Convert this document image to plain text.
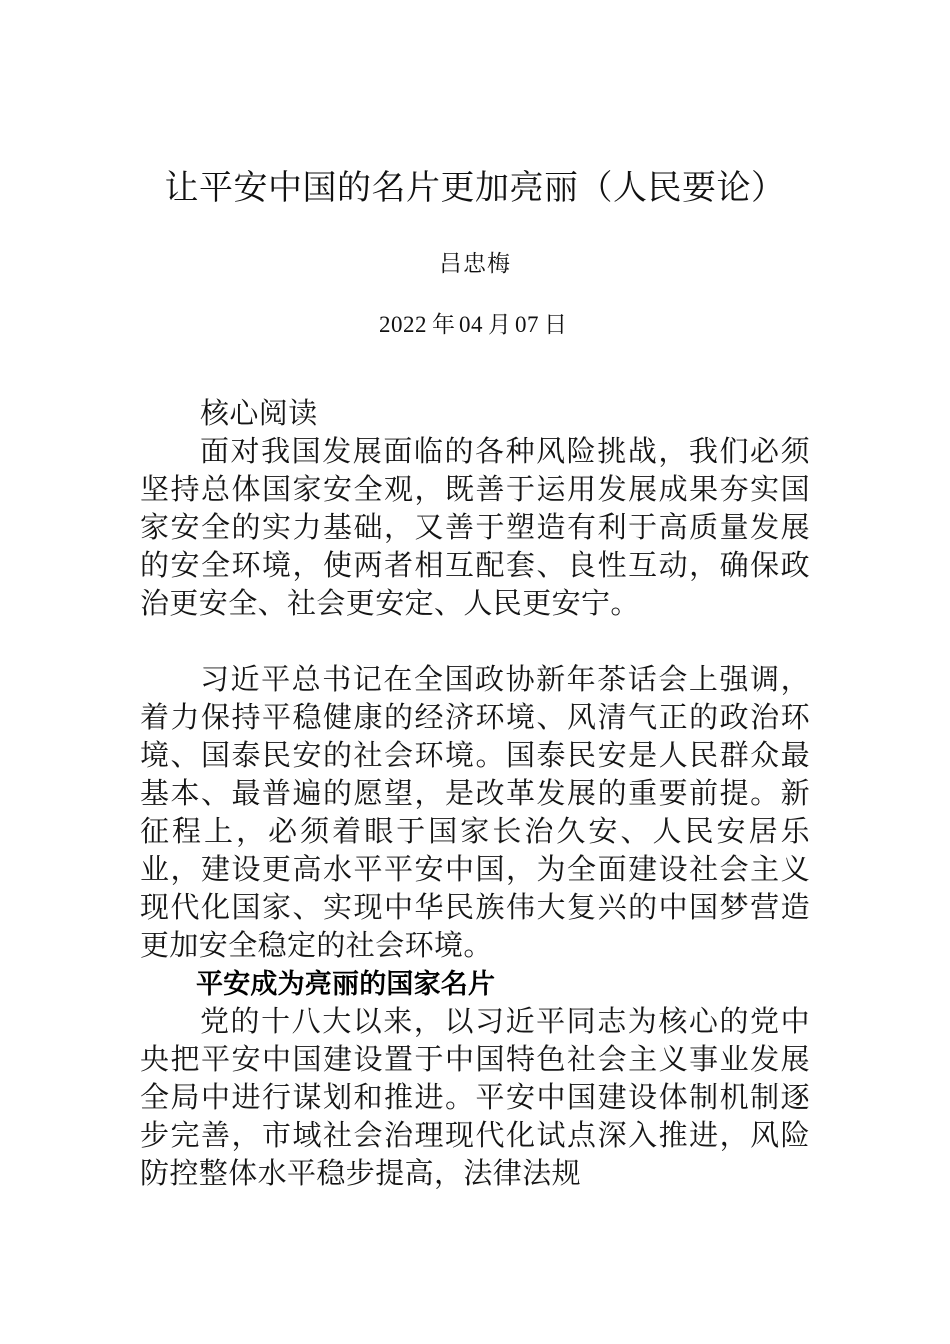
让平安中国的名片更加亮丽（人民要论）
吕忠梅
2022 年 04 月 07 日

核心阅读

面对我国发展面临的各种风险挑战，我们必须坚持总体国家安全观，既善于运用发展成果夯实国家安全的实力基础，又善于塑造有利于高质量发展的安全环境，使两者相互配套、良性互动，确保政治更安全、社会更安定、人民更安宁。

习近平总书记在全国政协新年茶话会上强调，着力保持平稳健康的经济环境、风清气正的政治环境、国泰民安的社会环境。国泰民安是人民群众最基本、最普遍的愿望，是改革发展的重要前提。新征程上，必须着眼于国家长治久安、人民安居乐业，建设更高水平平安中国，为全面建设社会主义现代化国家、实现中华民族伟大复兴的中国梦营造更加安全稳定的社会环境。

平安成为亮丽的国家名片

党的十八大以来，以习近平同志为核心的党中央把平安中国建设置于中国特色社会主义事业发展全局中进行谋划和推进。平安中国建设体制机制逐步完善，市域社会治理现代化试点深入推进，风险防控整体水平稳步提高，法律法规
